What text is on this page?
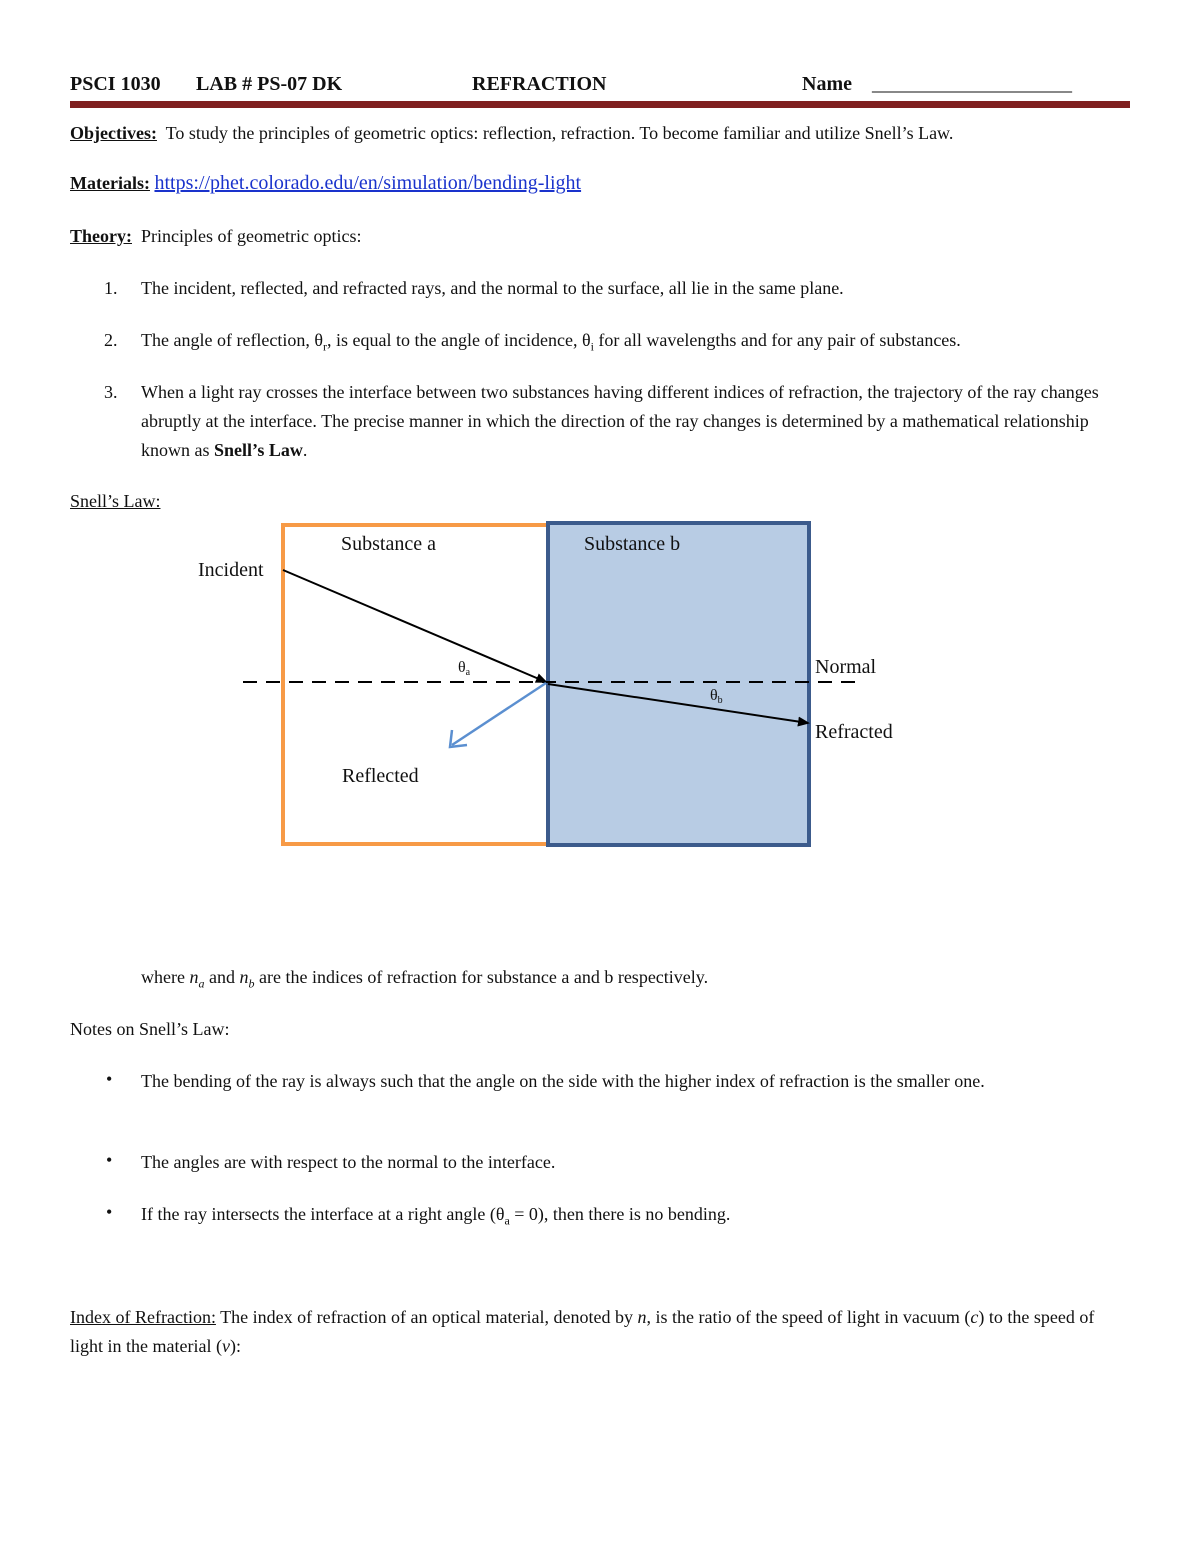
PSCI 1030 LAB # PS-07 DK	REFRACTION	Name ____________________
Objectives: To study the principles of geometric optics: reflection, refraction. To become familiar and utilize Snell’s Law.
Materials: https://phet.colorado.edu/en/simulation/bending-light
Theory: Principles of geometric optics:
1. The incident, reflected, and refracted rays, and the normal to the surface, all lie in the same plane.
2. The angle of reflection, $\theta_r$, is equal to the angle of incidence, $\theta_i$ for all wavelengths and for any pair of substances.
3. When a light ray crosses the interface between two substances having different indices of refraction, the trajectory of the ray changes abruptly at the interface. The precise manner in which the direction of the ray changes is determined by a mathematical relationship known as Snell’s Law.
Snell’s Law:
Substance a	Substance b
Incident
Normal
Refracted
Reflected
θa
θb
where $n_a$ and $n_b$ are the indices of refraction for substance a and b respectively.
Notes on Snell’s Law:
• The bending of the ray is always such that the angle on the side with the higher index of refraction is the smaller one.
• The angles are with respect to the normal to the interface.
• If the ray intersects the interface at a right angle $(\theta_a = 0)$, then there is no bending.
Index of Refraction: The index of refraction of an optical material, denoted by n, is the ratio of the speed of light in vacuum (c) to the speed of light in the material (v):
